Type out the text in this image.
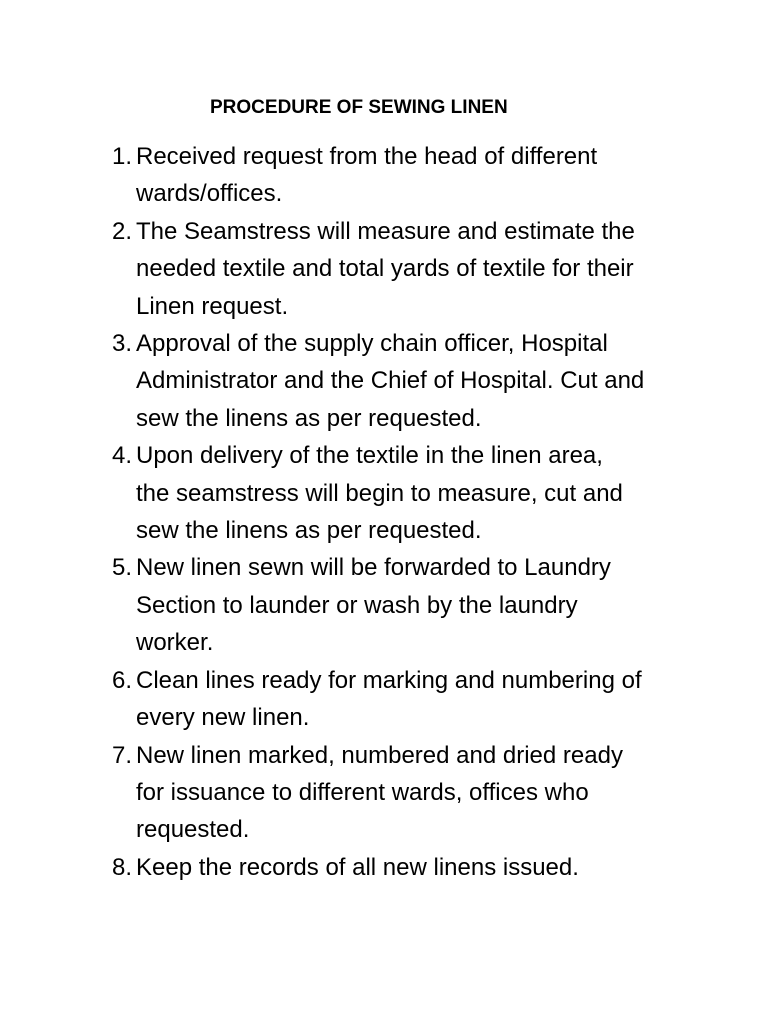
PROCEDURE OF SEWING LINEN
1. Received request from the head of different
wards/offices.
2. The Seamstress will measure and estimate the
needed textile and total yards of textile for their
Linen request.
3. Approval of the supply chain officer, Hospital
Administrator and the Chief of Hospital. Cut and
sew the linens as per requested.
4. Upon delivery of the textile in the linen area,
the seamstress will begin to measure, cut and
sew the linens as per requested.
5. New linen sewn will be forwarded to Laundry
Section to launder or wash by the laundry
worker.
6. Clean lines ready for marking and numbering of
every new linen.
7. New linen marked, numbered and dried ready
for issuance to different wards, offices who
requested.
8. Keep the records of all new linens issued.
